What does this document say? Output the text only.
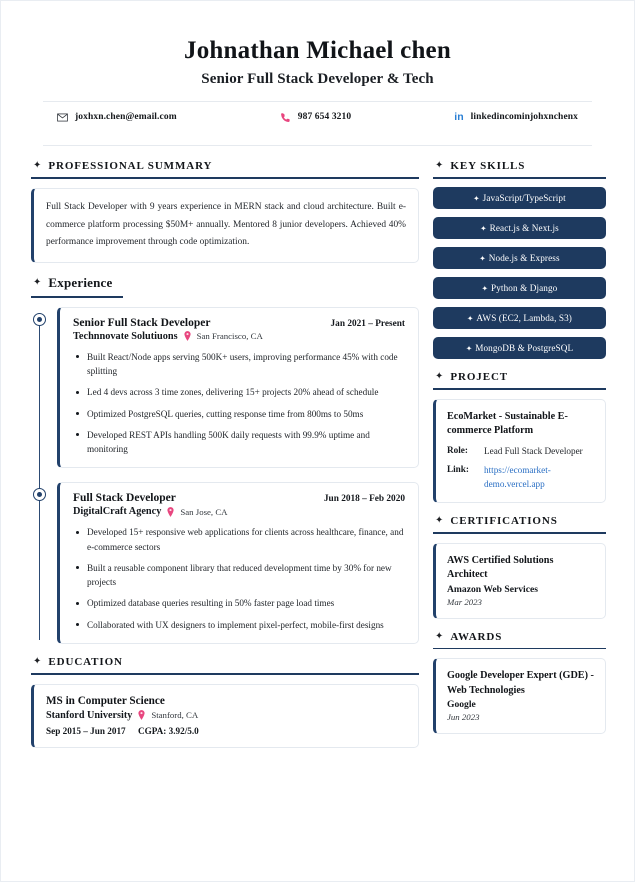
Johnathan Michael chen
Senior Full Stack Developer & Tech
joxhxn.chen@email.com	987 654 3210	in linkedincominjohxnchenx
✦ PROFESSIONAL SUMMARY
Full Stack Developer with 9 years experience in MERN stack and cloud architecture. Built e-commerce platform processing $50M+ annually. Mentored 8 junior developers. Achieved 40% performance improvement through code optimization.
✦ Experience
Senior Full Stack Developer	Jan 2021 – Present
Technnovate Solutiuons San Francisco, CA
Built React/Node apps serving 500K+ users, improving performance 45% with code splitting
Led 4 devs across 3 time zones, delivering 15+ projects 20% ahead of schedule
Optimized PostgreSQL queries, cutting response time from 800ms to 50ms
Developed REST APIs handling 500K daily requests with 99.9% uptime and monitoring
Full Stack Developer	Jun 2018 – Feb 2020
DigitalCraft Agency San Jose, CA
Developed 15+ responsive web applications for clients across healthcare, finance, and e-commerce sectors
Built a reusable component library that reduced development time by 30% for new projects
Optimized database queries resulting in 50% faster page load times
Collaborated with UX designers to implement pixel-perfect, mobile-first designs
✦ EDUCATION
MS in Computer Science
Stanford University Stanford, CA
Sep 2015 – Jun 2017 CGPA: 3.92/5.0
✦ KEY SKILLS
✦ JavaScript/TypeScript
✦ React.js & Next.js
✦ Node.js & Express
✦ Python & Django
✦ AWS (EC2, Lambda, S3)
✦ MongoDB & PostgreSQL
✦ PROJECT
EcoMarket - Sustainable E-commerce Platform
Role:	Lead Full Stack Developer
Link:	https://ecomarket-demo.vercel.app
✦ CERTIFICATIONS
AWS Certified Solutions Architect
Amazon Web Services
Mar 2023
✦ AWARDS
Google Developer Expert (GDE) - Web Technologies
Google
Jun 2023
